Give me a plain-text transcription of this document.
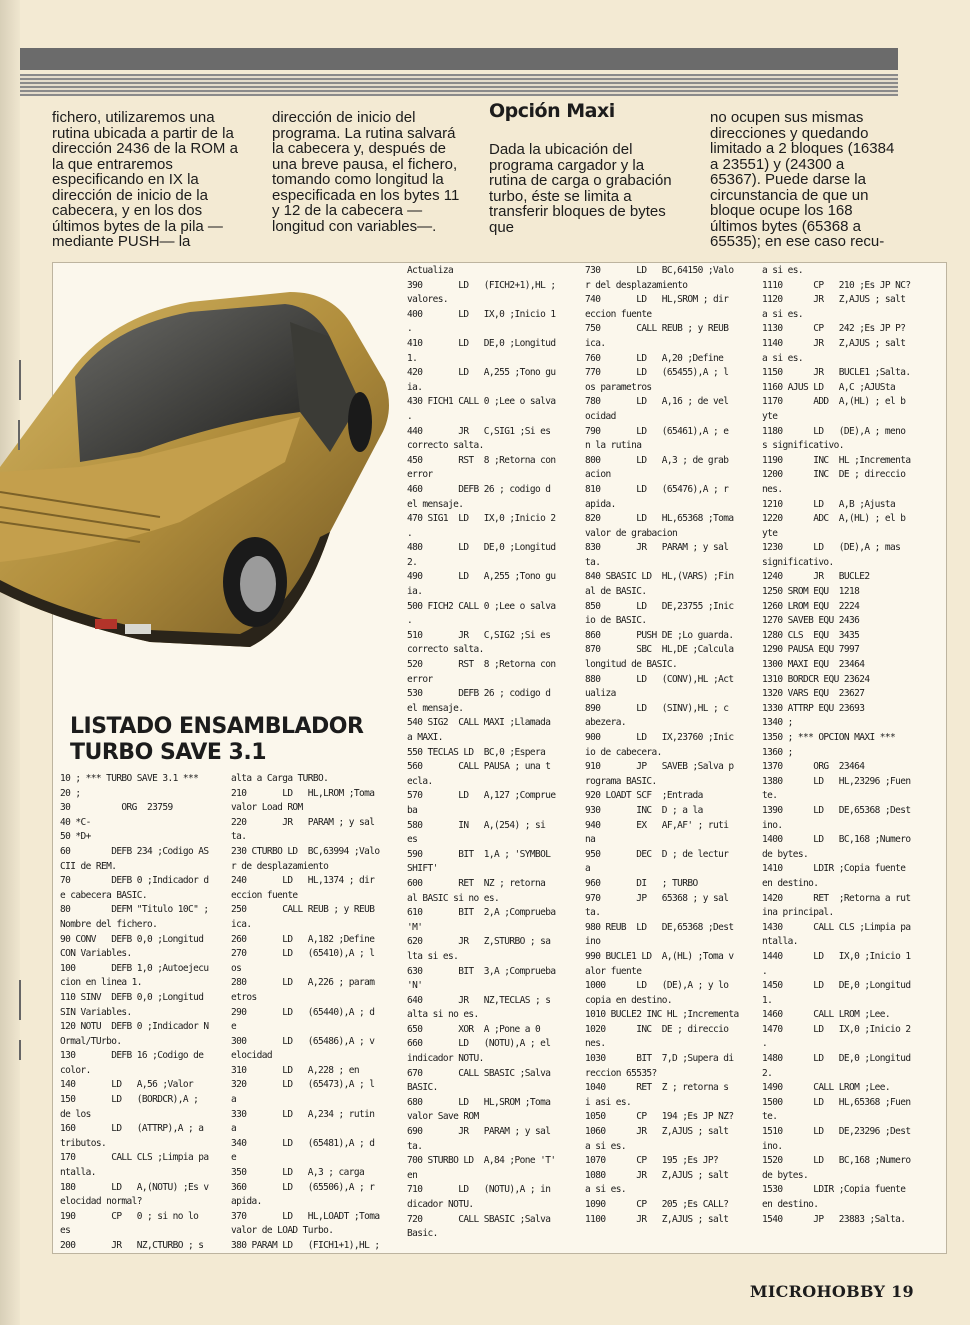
fichero, utilizaremos una rutina ubicada a partir de la dirección 2436 de la ROM a la que entraremos especificando en IX la dirección de inicio de la cabecera, y en los dos últimos bytes de la pila —mediante PUSH— la

dirección de inicio del programa. La rutina salvará la cabecera y, después de una breve pausa, el fichero, tomando como longitud la especificada en los bytes 11 y 12 de la cabecera —longitud con variables—.

Opción Maxi

Dada la ubicación del programa cargador y la rutina de carga o grabación turbo, éste se limita a transferir bloques de bytes que

no ocupen sus mismas direcciones y quedando limitado a 2 bloques (16384 a 23551) y (24300 a 65367). Puede darse la circunstancia de que un bloque ocupe los 168 últimos bytes (65368 a 65535); en ese caso recu-

LISTADO ENSAMBLADOR
TURBO SAVE 3.1
10 ; *** TURBO SAVE 3.1 ***
20 ;
30          ORG  23759
40 *C-
50 *D+
60        DEFB 234 ;Codigo AS
CII de REM.
70        DEFB 0 ;Indicador d
e cabecera BASIC.
80        DEFM "Titulo 10C" ;
Nombre del fichero.
90 CONV   DEFB 0,0 ;Longitud
CON Variables.
100       DEFB 1,0 ;Autoejecu
cion en linea 1.
110 SINV  DEFB 0,0 ;Longitud
SIN Variables.
120 NOTU  DEFB 0 ;Indicador N
Ormal/TUrbo.
130       DEFB 16 ;Codigo de
color.
140       LD   A,56 ;Valor
150       LD   (BORDCR),A ;
de los
160       LD   (ATTRP),A ; a
tributos.
170       CALL CLS ;Limpia pa
ntalla.
180       LD   A,(NOTU) ;Es v
elocidad normal?
190       CP   0 ; si no lo
es
200       JR   NZ,CTURBO ; s
alta a Carga TURBO.
210       LD   HL,LROM ;Toma
valor Load ROM
220       JR   PARAM ; y sal
ta.
230 CTURBO LD  BC,63994 ;Valo
r de desplazamiento
240       LD   HL,1374 ; dir
eccion fuente
250       CALL REUB ; y REUB
ica.
260       LD   A,182 ;Define
270       LD   (65410),A ; l
os
280       LD   A,226 ; param
etros
290       LD   (65440),A ; d
e
300       LD   (65486),A ; v
elocidad
310       LD   A,228 ; en
320       LD   (65473),A ; l
a
330       LD   A,234 ; rutin
a
340       LD   (65481),A ; d
e
350       LD   A,3 ; carga
360       LD   (65506),A ; r
apida.
370       LD   HL,LOADT ;Toma
valor de LOAD Turbo.
380 PARAM LD   (FICH1+1),HL ;
Actualiza
390       LD   (FICH2+1),HL ;
valores.
400       LD   IX,0 ;Inicio 1
.
410       LD   DE,0 ;Longitud
1.
420       LD   A,255 ;Tono gu
ia.
430 FICH1 CALL 0 ;Lee o salva
.
440       JR   C,SIG1 ;Si es
correcto salta.
450       RST  8 ;Retorna con
error
460       DEFB 26 ; codigo d
el mensaje.
470 SIG1  LD   IX,0 ;Inicio 2
.
480       LD   DE,0 ;Longitud
2.
490       LD   A,255 ;Tono gu
ia.
500 FICH2 CALL 0 ;Lee o salva
.
510       JR   C,SIG2 ;Si es
correcto salta.
520       RST  8 ;Retorna con
error
530       DEFB 26 ; codigo d
el mensaje.
540 SIG2  CALL MAXI ;Llamada
a MAXI.
550 TECLAS LD  BC,0 ;Espera
560       CALL PAUSA ; una t
ecla.
570       LD   A,127 ;Comprue
ba
580       IN   A,(254) ; si
es
590       BIT  1,A ; 'SYMBOL
SHIFT'
600       RET  NZ ; retorna
al BASIC si no es.
610       BIT  2,A ;Comprueba
'M'
620       JR   Z,STURBO ; sa
lta si es.
630       BIT  3,A ;Comprueba
'N'
640       JR   NZ,TECLAS ; s
alta si no es.
650       XOR  A ;Pone a 0
660       LD   (NOTU),A ; el
indicador NOTU.
670       CALL SBASIC ;Salva
BASIC.
680       LD   HL,SROM ;Toma
valor Save ROM
690       JR   PARAM ; y sal
ta.
700 STURBO LD  A,84 ;Pone 'T'
en
710       LD   (NOTU),A ; in
dicador NOTU.
720       CALL SBASIC ;Salva
Basic.
730       LD   BC,64150 ;Valo
r del desplazamiento
740       LD   HL,SROM ; dir
eccion fuente
750       CALL REUB ; y REUB
ica.
760       LD   A,20 ;Define
770       LD   (65455),A ; l
os parametros
780       LD   A,16 ; de vel
ocidad
790       LD   (65461),A ; e
n la rutina
800       LD   A,3 ; de grab
acion
810       LD   (65476),A ; r
apida.
820       LD   HL,65368 ;Toma
valor de grabacion
830       JR   PARAM ; y sal
ta.
840 SBASIC LD  HL,(VARS) ;Fin
al de BASIC.
850       LD   DE,23755 ;Inic
io de BASIC.
860       PUSH DE ;Lo guarda.
870       SBC  HL,DE ;Calcula
longitud de BASIC.
880       LD   (CONV),HL ;Act
ualiza
890       LD   (SINV),HL ; c
abezera.
900       LD   IX,23760 ;Inic
io de cabecera.
910       JP   SAVEB ;Salva p
rograma BASIC.
920 LOADT SCF  ;Entrada
930       INC  D ; a la
940       EX   AF,AF' ; ruti
na
950       DEC  D ; de lectur
a
960       DI   ; TURBO
970       JP   65368 ; y sal
ta.
980 REUB  LD   DE,65368 ;Dest
ino
990 BUCLE1 LD  A,(HL) ;Toma v
alor fuente
1000      LD   (DE),A ; y lo
copia en destino.
1010 BUCLE2 INC HL ;Incrementa
1020      INC  DE ; direccio
nes.
1030      BIT  7,D ;Supera di
reccion 65535?
1040      RET  Z ; retorna s
i asi es.
1050      CP   194 ;Es JP NZ?
1060      JR   Z,AJUS ; salt
a si es.
1070      CP   195 ;Es JP?
1080      JR   Z,AJUS ; salt
a si es.
1090      CP   205 ;Es CALL?
1100      JR   Z,AJUS ; salt
a si es.
1110      CP   210 ;Es JP NC?
1120      JR   Z,AJUS ; salt
a si es.
1130      CP   242 ;Es JP P?
1140      JR   Z,AJUS ; salt
a si es.
1150      JR   BUCLE1 ;Salta.
1160 AJUS LD   A,C ;AJUSta
1170      ADD  A,(HL) ; el b
yte
1180      LD   (DE),A ; meno
s significativo.
1190      INC  HL ;Incrementa
1200      INC  DE ; direccio
nes.
1210      LD   A,B ;Ajusta
1220      ADC  A,(HL) ; el b
yte
1230      LD   (DE),A ; mas
significativo.
1240      JR   BUCLE2
1250 SROM EQU  1218
1260 LROM EQU  2224
1270 SAVEB EQU 2436
1280 CLS  EQU  3435
1290 PAUSA EQU 7997
1300 MAXI EQU  23464
1310 BORDCR EQU 23624
1320 VARS EQU  23627
1330 ATTRP EQU 23693
1340 ;
1350 ; *** OPCION MAXI ***
1360 ;
1370      ORG  23464
1380      LD   HL,23296 ;Fuen
te.
1390      LD   DE,65368 ;Dest
ino.
1400      LD   BC,168 ;Numero
de bytes.
1410      LDIR ;Copia fuente
en destino.
1420      RET  ;Retorna a rut
ina principal.
1430      CALL CLS ;Limpia pa
ntalla.
1440      LD   IX,0 ;Inicio 1
.
1450      LD   DE,0 ;Longitud
1.
1460      CALL LROM ;Lee.
1470      LD   IX,0 ;Inicio 2
.
1480      LD   DE,0 ;Longitud
2.
1490      CALL LROM ;Lee.
1500      LD   HL,65368 ;Fuen
te.
1510      LD   DE,23296 ;Dest
ino.
1520      LD   BC,168 ;Numero
de bytes.
1530      LDIR ;Copia fuente
en destino.
1540      JP   23883 ;Salta.

MICROHOBBY 19
